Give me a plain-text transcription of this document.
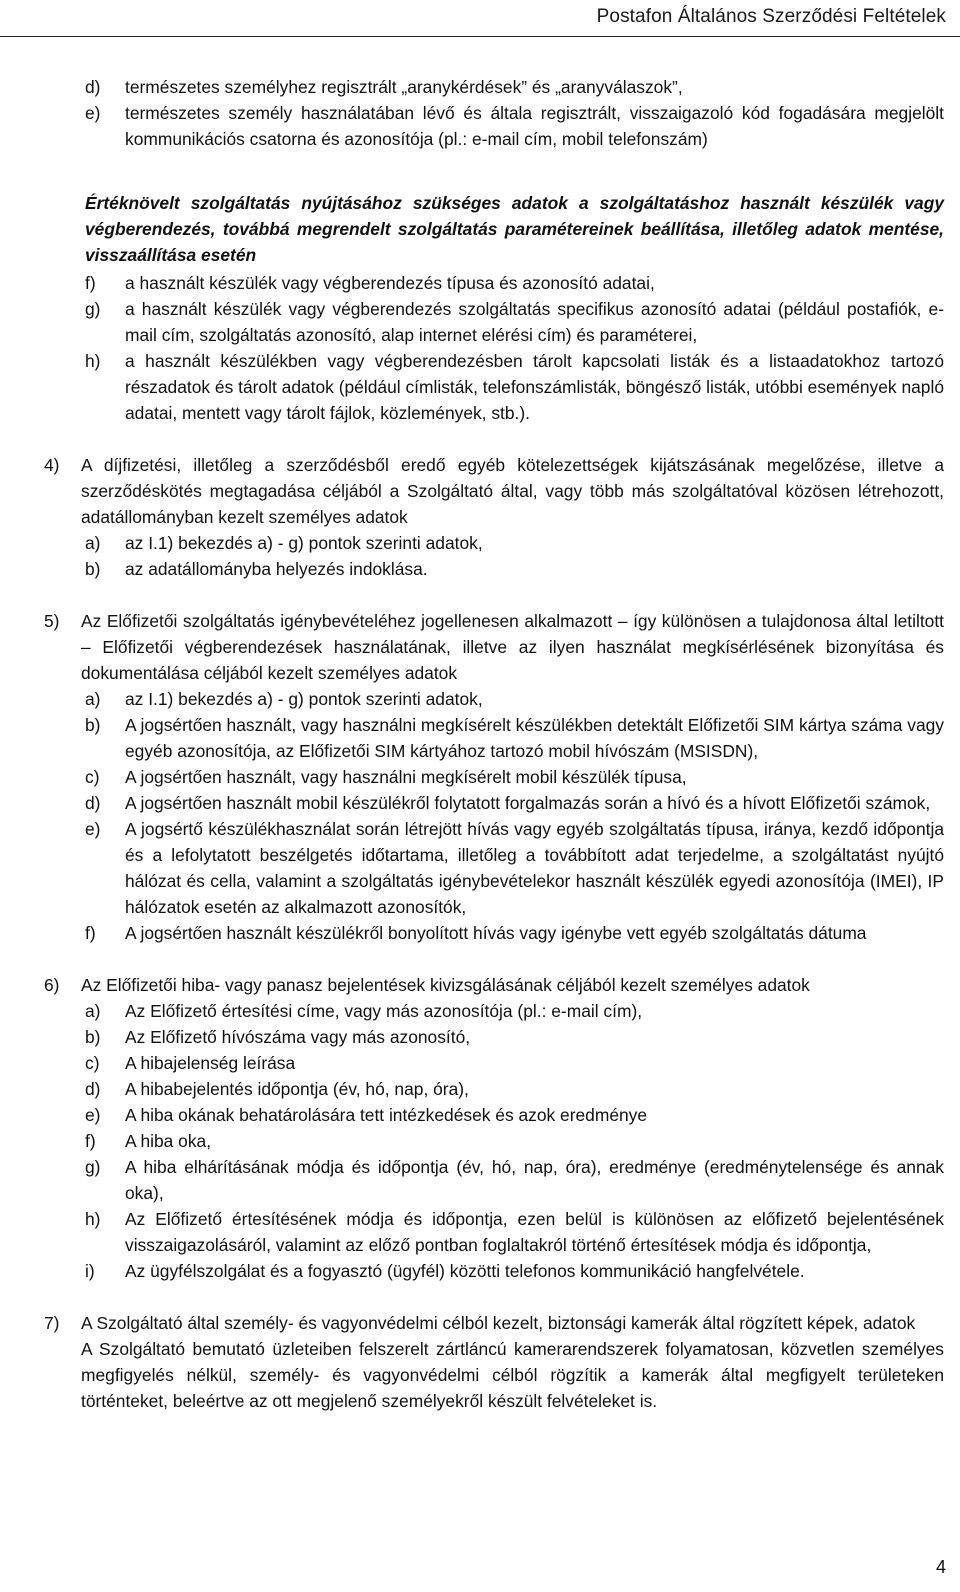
Postafon Általános Szerződési Feltételek
d)	természetes személyhez regisztrált „aranykérdések” és „aranyválaszok”,
e)	természetes személy használatában lévő és általa regisztrált, visszaigazoló kód fogadására megjelölt kommunikációs csatorna és azonosítója (pl.: e-mail cím, mobil telefonszám)
Értéknövelt szolgáltatás nyújtásához szükséges adatok a szolgáltatáshoz használt készülék vagy végberendezés, továbbá megrendelt szolgáltatás paramétereinek beállítása, illetőleg adatok mentése, visszaállítása esetén
f)	a használt készülék vagy végberendezés típusa és azonosító adatai,
g)	a használt készülék vagy végberendezés szolgáltatás specifikus azonosító adatai (például postafiók, e-mail cím, szolgáltatás azonosító, alap internet elérési cím) és paraméterei,
h)	a használt készülékben vagy végberendezésben tárolt kapcsolati listák és a listaadatokhoz tartozó részadatok és tárolt adatok (például címlisták, telefonszámlisták, böngésző listák, utóbbi események napló adatai, mentett vagy tárolt fájlok, közlemények, stb.).
4)	A díjfizetési, illetőleg a szerződésből eredő egyéb kötelezettségek kijátszásának megelőzése, illetve a szerződéskötés megtagadása céljából a Szolgáltató által, vagy több más szolgáltatóval közösen létrehozott, adatállományban kezelt személyes adatok
a)	az I.1) bekezdés a) - g) pontok szerinti adatok,
b)	az adatállományba helyezés indoklása.
5)	Az Előfizetői szolgáltatás igénybevételéhez jogellenesen alkalmazott – így különösen a tulajdonosa által letiltott – Előfizetői végberendezések használatának, illetve az ilyen használat megkísérlésének bizonyítása és dokumentálása céljából kezelt személyes adatok
a)	az I.1) bekezdés a) - g) pontok szerinti adatok,
b)	A jogsértően használt, vagy használni megkísérelt készülékben detektált Előfizetői SIM kártya száma vagy egyéb azonosítója, az Előfizetői SIM kártyához tartozó mobil hívószám (MSISDN),
c)	A jogsértően használt, vagy használni megkísérelt mobil készülék típusa,
d)	A jogsértően használt mobil készülékről folytatott forgalmazás során a hívó és a hívott Előfizetői számok,
e)	A jogsértő készülékhasználat során létrejött hívás vagy egyéb szolgáltatás típusa, iránya, kezdő időpontja és a lefolytatott beszélgetés időtartama, illetőleg a továbbított adat terjedelme, a szolgáltatást nyújtó hálózat és cella, valamint a szolgáltatás igénybevételekor használt készülék egyedi azonosítója (IMEI), IP hálózatok esetén az alkalmazott azonosítók,
f)	A jogsértően használt készülékről bonyolított hívás vagy igénybe vett egyéb szolgáltatás dátuma
6)	Az Előfizetői hiba- vagy panasz bejelentések kivizsgálásának céljából kezelt személyes adatok
a)	Az Előfizető értesítési címe, vagy más azonosítója (pl.: e-mail cím),
b)	Az Előfizető hívószáma vagy más azonosító,
c)	A hibajelenség leírása
d)	A hibabejelentés időpontja (év, hó, nap, óra),
e)	A hiba okának behatárolására tett intézkedések és azok eredménye
f)	A hiba oka,
g)	A hiba elhárításának módja és időpontja (év, hó, nap, óra), eredménye (eredménytelensége és annak oka),
h)	Az Előfizető értesítésének módja és időpontja, ezen belül is különösen az előfizető bejelentésének visszaigazolásáról, valamint az előző pontban foglaltakról történő értesítések módja és időpontja,
i)	Az ügyfélszolgálat és a fogyasztó (ügyfél) közötti telefonos kommunikáció hangfelvétele.
7)	A Szolgáltató által személy- és vagyonvédelmi célból kezelt, biztonsági kamerák által rögzített képek, adatok
A Szolgáltató bemutató üzleteiben felszerelt zártláncú kamerarendszerek folyamatosan, közvetlen személyes megfigyelés nélkül, személy- és vagyonvédelmi célból rögzítik a kamerák által megfigyelt területeken történteket, beleértve az ott megjelenő személyekről készült felvételeket is.
4
